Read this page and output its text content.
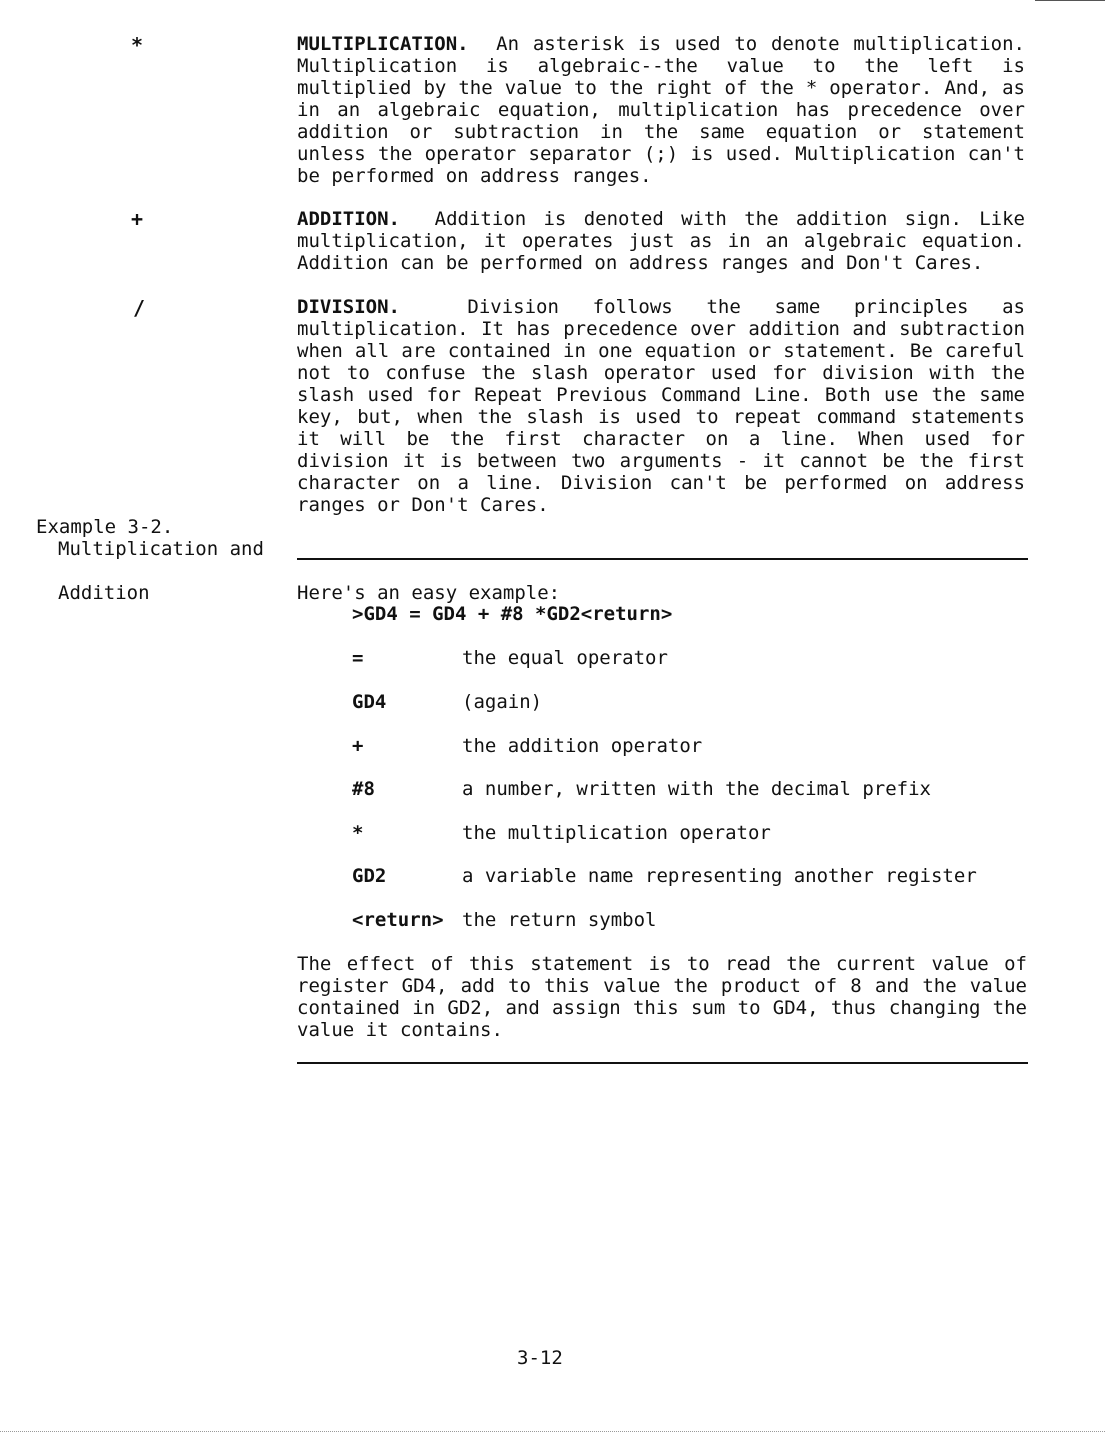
*	MULTIPLICATION. An asterisk is used to denote multiplication. Multiplication is algebraic--the value to the left is multiplied by the value to the right of the * operator. And, as in an algebraic equation, multiplication has precedence over addition or subtraction in the same equation or statement unless the operator separator (;) is used. Multiplication can't be performed on address ranges.
+	ADDITION. Addition is denoted with the addition sign. Like multiplication, it operates just as in an algebraic equation. Addition can be performed on address ranges and Don't Cares.
/	DIVISION.	Division follows the same principles as multiplication. It has precedence over addition and subtraction when all are contained in one equation or statement. Be careful not to confuse the slash operator used for division with the slash used for Repeat Previous Command Line. Both use the same key, but, when the slash is used to repeat command statements it will be the first character on a line. When used for division it is between two arguments - it cannot be the first character on a line. Division can't be performed on address ranges or Don't Cares.
Example 3-2.
Multiplication and
Addition	Here's an easy example:
>GD4 = GD4 + #8 *GD2<return>
=	the equal operator
GD4	(again)
+	the addition operator
#8	a number, written with the decimal prefix
*	the multiplication operator
GD2	a variable name representing another register
<return> the return symbol
The effect of this statement is to read the current value of register GD4, add to this value the product of 8 and the value contained in GD2, and assign this sum to GD4, thus changing the value it contains.
3-12
